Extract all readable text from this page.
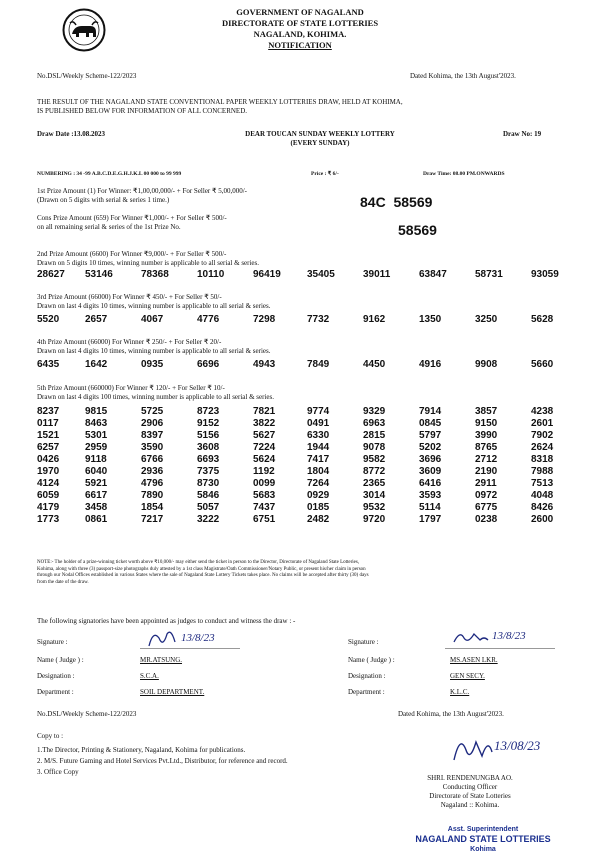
GOVERNMENT OF NAGALAND
DIRECTORATE OF STATE LOTTERIES
NAGALAND, KOHIMA.
NOTIFICATION
No.DSL/Weekly Scheme-122/2023	Dated Kohima, the 13th August'2023.
THE RESULT OF THE NAGALAND STATE CONVENTIONAL PAPER WEEKLY LOTTERIES DRAW, HELD AT KOHIMA,
IS PUBLISHED BELOW FOR INFORMATION OF ALL CONCERNED.
Draw Date :13.08.2023	DEAR TOUCAN SUNDAY WEEKLY LOTTERY
(EVERY SUNDAY)
Draw No: 19
NUMBERING : 34 -99 A.B.C.D.E.G.H.J.K.L 00 000 to 99 999	Price : ₹ 6/-	Draw Time: 08.00 PM.ONWARDS
1st Prize Amount (1) For Winner: ₹1,00,00,000/- + For Seller ₹ 5,00,000/-
(Drawn on 5 digits with serial & series 1 time.)	84C  58569
Cons Prize Amount (659) For Winner ₹1,000/- + For Seller ₹ 500/-
on all remaining serial & series of the 1st Prize No.	58569
2nd Prize Amount (6600) For Winner ₹9,000/- + For Seller ₹ 500/-
Drawn on 5 digits 10 times, winning number is applicable to all serial & series.
28627	53146	78368	10110	96419	35405	39011	63847	58731	93059
3rd Prize Amount (66000) For Winner ₹ 450/- + For Seller ₹ 50/-
Drawn on last 4 digits 10 times, winning number is applicable to all serial & series.
5520	2657	4067	4776	7298	7732	9162	1350	3250	5628
4th Prize Amount (66000) For Winner ₹ 250/- + For Seller ₹ 20/-
Drawn on last 4 digits 10 times, winning number is applicable to all serial & series.
6435	1642	0935	6696	4943	7849	4450	4916	9908	5660
5th Prize Amount (660000) For Winner ₹ 120/- + For Seller ₹ 10/-
Drawn on last 4 digits 100 times, winning number is applicable to all serial & series.
8237	9815	5725	8723	7821	9774	9329	7914	3857	4238
0117	8463	2906	9152	3822	0491	6963	0845	9150	2601
1521	5301	8397	5156	5627	6330	2815	5797	3990	7902
6257	2959	3590	3608	7224	1944	9078	5202	8765	2624
0426	9118	6766	6693	5624	7417	9582	3696	2712	8318
1970	6040	2936	7375	1192	1804	8772	3609	2190	7988
4124	5921	4796	8730	0099	7264	2365	6416	2911	7513
6059	6617	7890	5846	5683	0929	3014	3593	0972	4048
4179	3458	1854	5057	7437	0185	9532	5114	6775	8426
1773	0861	7217	3222	6751	2482	9720	1797	0238	2600
NOTE:- The holder of a prize-winning ticket worth above ₹10,000/- may either send the ticket in person to the Director, Directorate of Nagaland State Lotteries,
Kohima, along with three (3) passport-size photographs duly attested by a 1st class Magistrate/Oath Commissioner/Notary Public, or present his/her claim in person
through our Nodal Offices established in various States where the sale of Nagaland State Lottery Tickets takes place. No claims will be accepted after thirty (30) days
from the date of the draw.
The following signatories have been appointed as judges to conduct and witness the draw : -
Signature :	13/8/23
Name ( Judge ) :	MR.ATSUNG.
Designation :	S.C.A.
Department :	SOIL DEPARTMENT.
Signature :	13/8/23
Name ( Judge ) :	MS.ASEN LKR.
Designation :	GEN SECY.
Department :	K.L.C.
No.DSL/Weekly Scheme-122/2023	Dated Kohima, the 13th August'2023.
Copy to :
1.The Director, Printing & Stationery, Nagaland, Kohima for publications.
2. M/S. Future Gaming and Hotel Services Pvt.Ltd., Distributor, for reference and record.
3. Office Copy
13/08/23
SHRI. RENDENUNGBA AO.
Conducting Officer
Directorate of State Lotteries
Nagaland :: Kohima.
Asst. Superintendent
NAGALAND STATE LOTTERIES
Kohima
